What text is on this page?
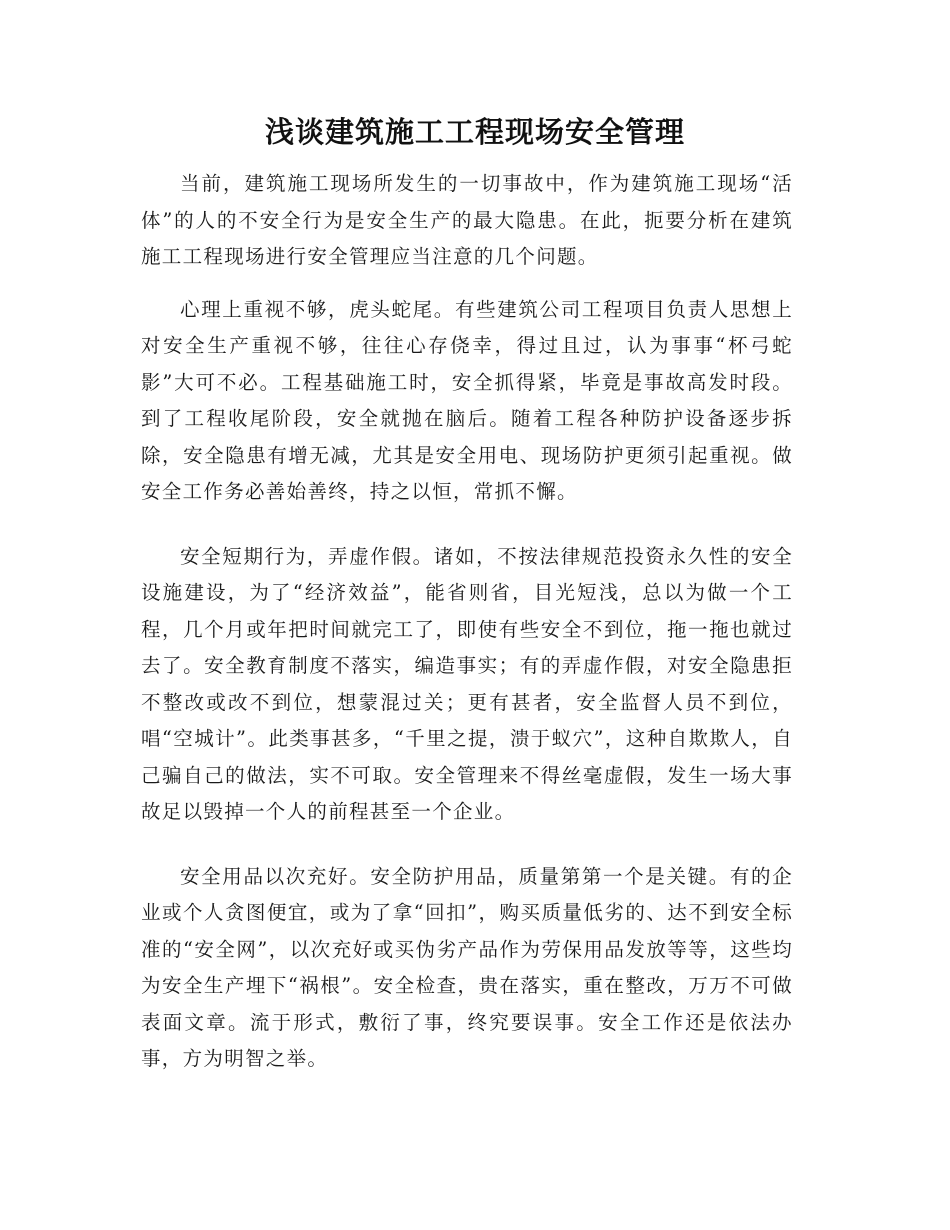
浅谈建筑施工工程现场安全管理

当前，建筑施工现场所发生的一切事故中，作为建筑施工现场“活体”的人的不安全行为是安全生产的最大隐患。在此，扼要分析在建筑施工工程现场进行安全管理应当注意的几个问题。

心理上重视不够，虎头蛇尾。有些建筑公司工程项目负责人思想上对安全生产重视不够，往往心存侥幸，得过且过，认为事事“杯弓蛇影”大可不必。工程基础施工时，安全抓得紧，毕竟是事故高发时段。到了工程收尾阶段，安全就抛在脑后。随着工程各种防护设备逐步拆除，安全隐患有增无减，尤其是安全用电、现场防护更须引起重视。做安全工作务必善始善终，持之以恒，常抓不懈。

安全短期行为，弄虚作假。诸如，不按法律规范投资永久性的安全设施建设，为了“经济效益”，能省则省，目光短浅，总以为做一个工程，几个月或年把时间就完工了，即使有些安全不到位，拖一拖也就过去了。安全教育制度不落实，编造事实；有的弄虚作假，对安全隐患拒不整改或改不到位，想蒙混过关；更有甚者，安全监督人员不到位，唱“空城计”。此类事甚多，“千里之提，溃于蚁穴”，这种自欺欺人，自己骗自己的做法，实不可取。安全管理来不得丝毫虚假，发生一场大事故足以毁掉一个人的前程甚至一个企业。

安全用品以次充好。安全防护用品，质量第第一个是关键。有的企业或个人贪图便宜，或为了拿“回扣”，购买质量低劣的、达不到安全标准的“安全网”，以次充好或买伪劣产品作为劳保用品发放等等，这些均为安全生产埋下“祸根”。安全检查，贵在落实，重在整改，万万不可做表面文章。流于形式，敷衍了事，终究要误事。安全工作还是依法办事，方为明智之举。
